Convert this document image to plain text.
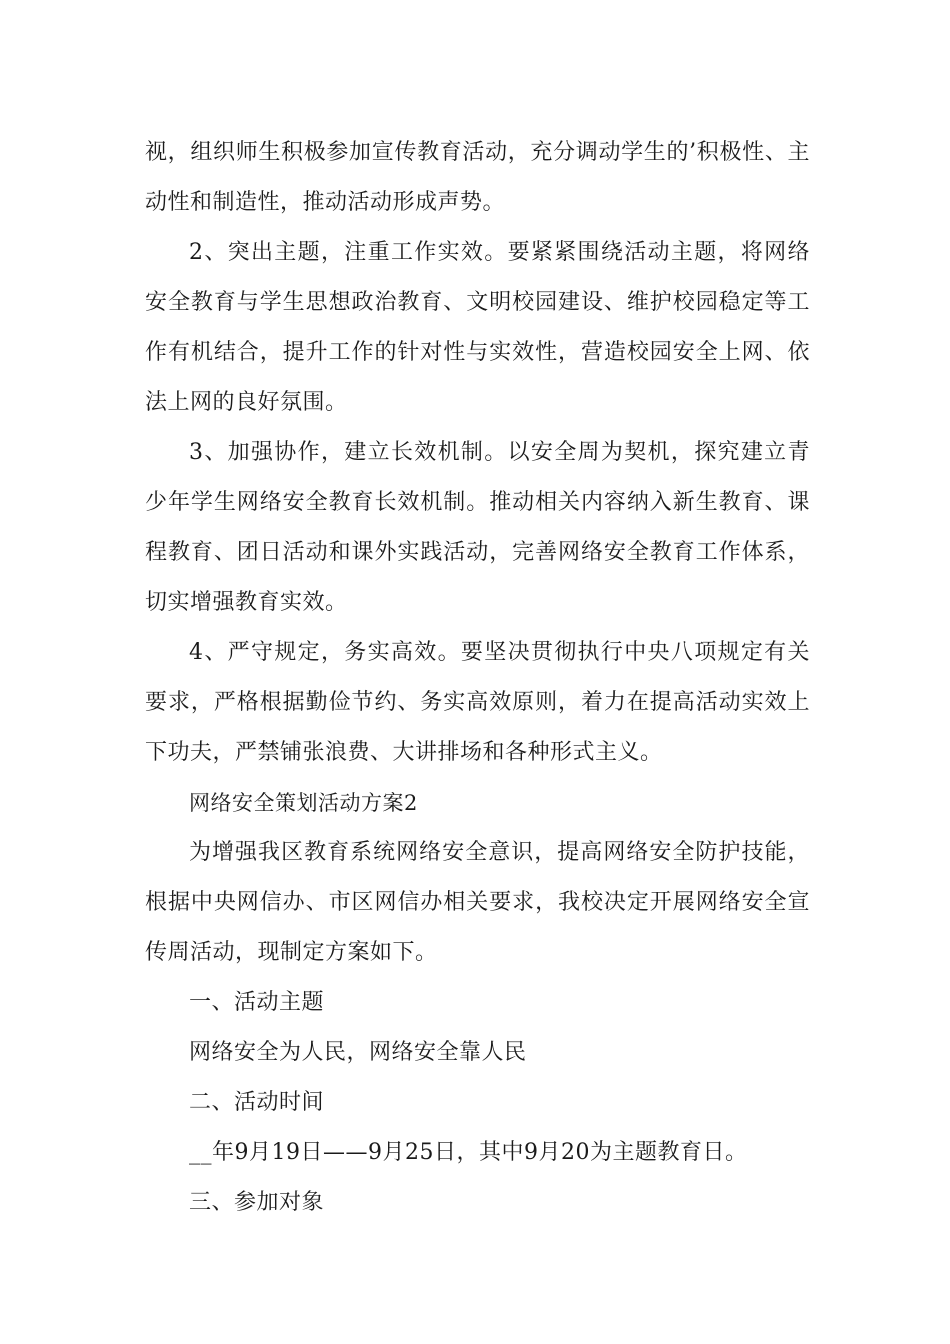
视，组织师生积极参加宣传教育活动，充分调动学生的’积极性、主动性和制造性，推动活动形成声势。

2、突出主题，注重工作实效。要紧紧围绕活动主题，将网络安全教育与学生思想政治教育、文明校园建设、维护校园稳定等工作有机结合，提升工作的针对性与实效性，营造校园安全上网、依法上网的良好氛围。

3、加强协作，建立长效机制。以安全周为契机，探究建立青少年学生网络安全教育长效机制。推动相关内容纳入新生教育、课程教育、团日活动和课外实践活动，完善网络安全教育工作体系，切实增强教育实效。

4、严守规定，务实高效。要坚决贯彻执行中央八项规定有关要求，严格根据勤俭节约、务实高效原则，着力在提高活动实效上下功夫，严禁铺张浪费、大讲排场和各种形式主义。

网络安全策划活动方案2

为增强我区教育系统网络安全意识，提高网络安全防护技能，根据中央网信办、市区网信办相关要求，我校决定开展网络安全宣传周活动，现制定方案如下。

一、活动主题

网络安全为人民，网络安全靠人民

二、活动时间

__年9月19日——9月25日，其中9月20为主题教育日。

三、参加对象
